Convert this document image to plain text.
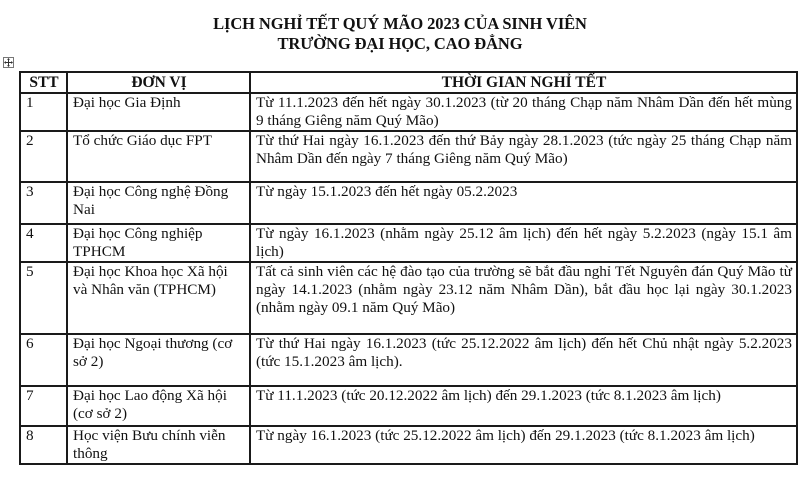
LỊCH NGHỈ TẾT QUÝ MÃO 2023 CỦA SINH VIÊN
TRƯỜNG ĐẠI HỌC, CAO ĐẲNG
STT	ĐƠN VỊ	THỜI GIAN NGHỈ TẾT
1	Đại học Gia Định	Từ 11.1.2023 đến hết ngày 30.1.2023 (từ 20 tháng Chạp năm Nhâm Dần đến hết mùng 9 tháng Giêng năm Quý Mão)
2	Tổ chức Giáo dục FPT	Từ thứ Hai ngày 16.1.2023 đến thứ Bảy ngày 28.1.2023 (tức ngày 25 tháng Chạp năm Nhâm Dần đến ngày 7 tháng Giêng năm Quý Mão)
3	Đại học Công nghệ Đồng Nai	Từ ngày 15.1.2023 đến hết ngày 05.2.2023
4	Đại học Công nghiệp TPHCM	Từ ngày 16.1.2023 (nhằm ngày 25.12 âm lịch) đến hết ngày 5.2.2023 (ngày 15.1 âm lịch)
5	Đại học Khoa học Xã hội và Nhân văn (TPHCM)	Tất cả sinh viên các hệ đào tạo của trường sẽ bắt đầu nghỉ Tết Nguyên đán Quý Mão từ ngày 14.1.2023 (nhằm ngày 23.12 năm Nhâm Dần), bắt đầu học lại ngày 30.1.2023 (nhằm ngày 09.1 năm Quý Mão)
6	Đại học Ngoại thương (cơ sở 2)	Từ thứ Hai ngày 16.1.2023 (tức 25.12.2022 âm lịch) đến hết Chủ nhật ngày 5.2.2023 (tức 15.1.2023 âm lịch).
7	Đại học Lao động Xã hội (cơ sở 2)	Từ 11.1.2023 (tức 20.12.2022 âm lịch) đến 29.1.2023 (tức 8.1.2023 âm lịch)
8	Học viện Bưu chính viễn thông	Từ ngày 16.1.2023 (tức 25.12.2022 âm lịch) đến 29.1.2023 (tức 8.1.2023 âm lịch)
